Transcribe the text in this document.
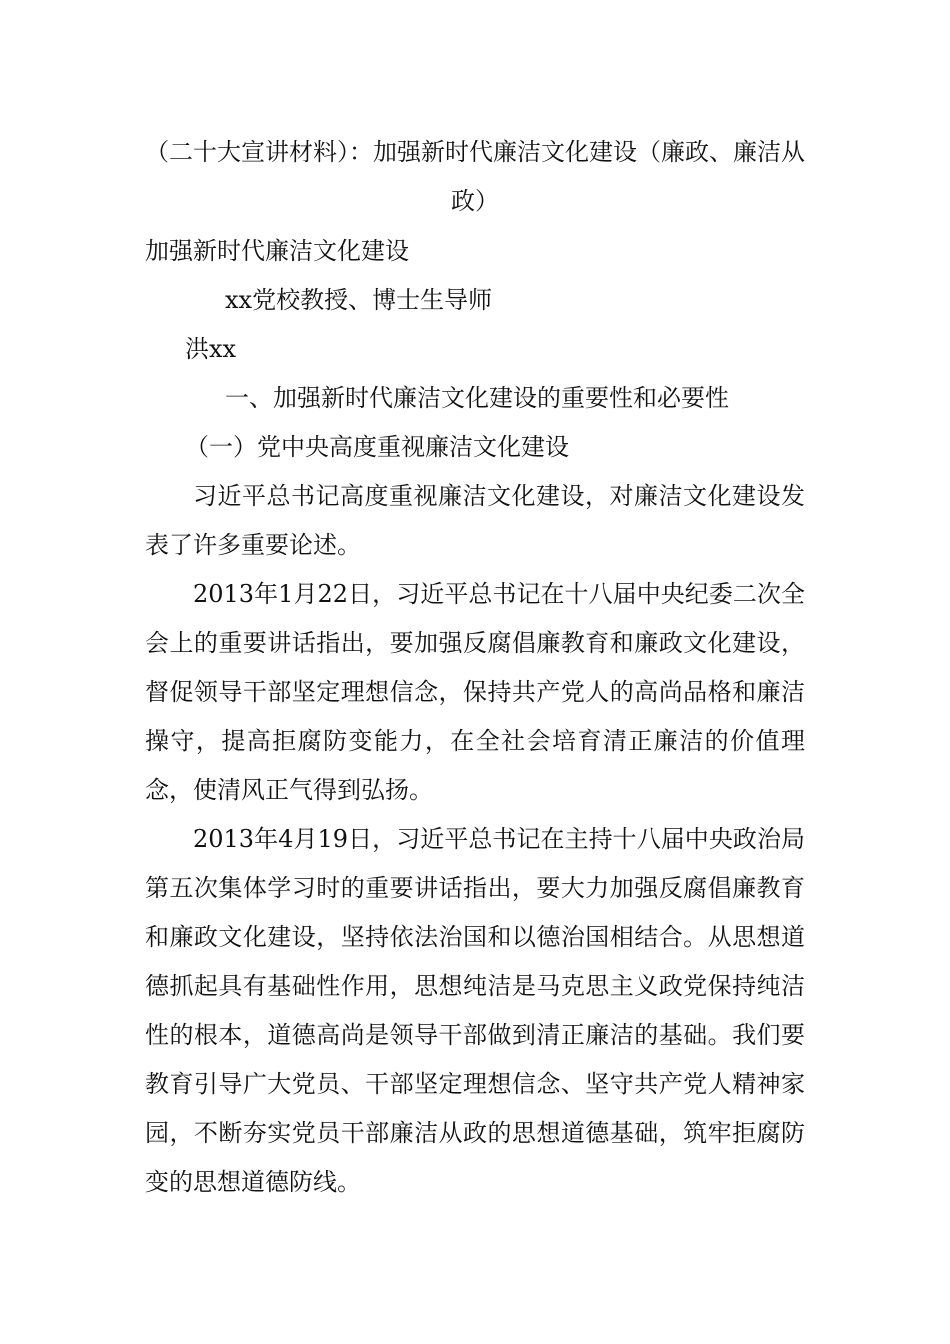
（二十大宣讲材料）：加强新时代廉洁文化建设（廉政、廉洁从政）
加强新时代廉洁文化建设
xx党校教授、博士生导师
洪xx
一、加强新时代廉洁文化建设的重要性和必要性
（一）党中央高度重视廉洁文化建设

习近平总书记高度重视廉洁文化建设，对廉洁文化建设发表了许多重要论述。

2013年1月22日，习近平总书记在十八届中央纪委二次全会上的重要讲话指出，要加强反腐倡廉教育和廉政文化建设，督促领导干部坚定理想信念，保持共产党人的高尚品格和廉洁操守，提高拒腐防变能力，在全社会培育清正廉洁的价值理念，使清风正气得到弘扬。

2013年4月19日，习近平总书记在主持十八届中央政治局第五次集体学习时的重要讲话指出，要大力加强反腐倡廉教育和廉政文化建设，坚持依法治国和以德治国相结合。从思想道德抓起具有基础性作用，思想纯洁是马克思主义政党保持纯洁性的根本，道德高尚是领导干部做到清正廉洁的基础。我们要教育引导广大党员、干部坚定理想信念、坚守共产党人精神家园，不断夯实党员干部廉洁从政的思想道德基础，筑牢拒腐防变的思想道德防线。
